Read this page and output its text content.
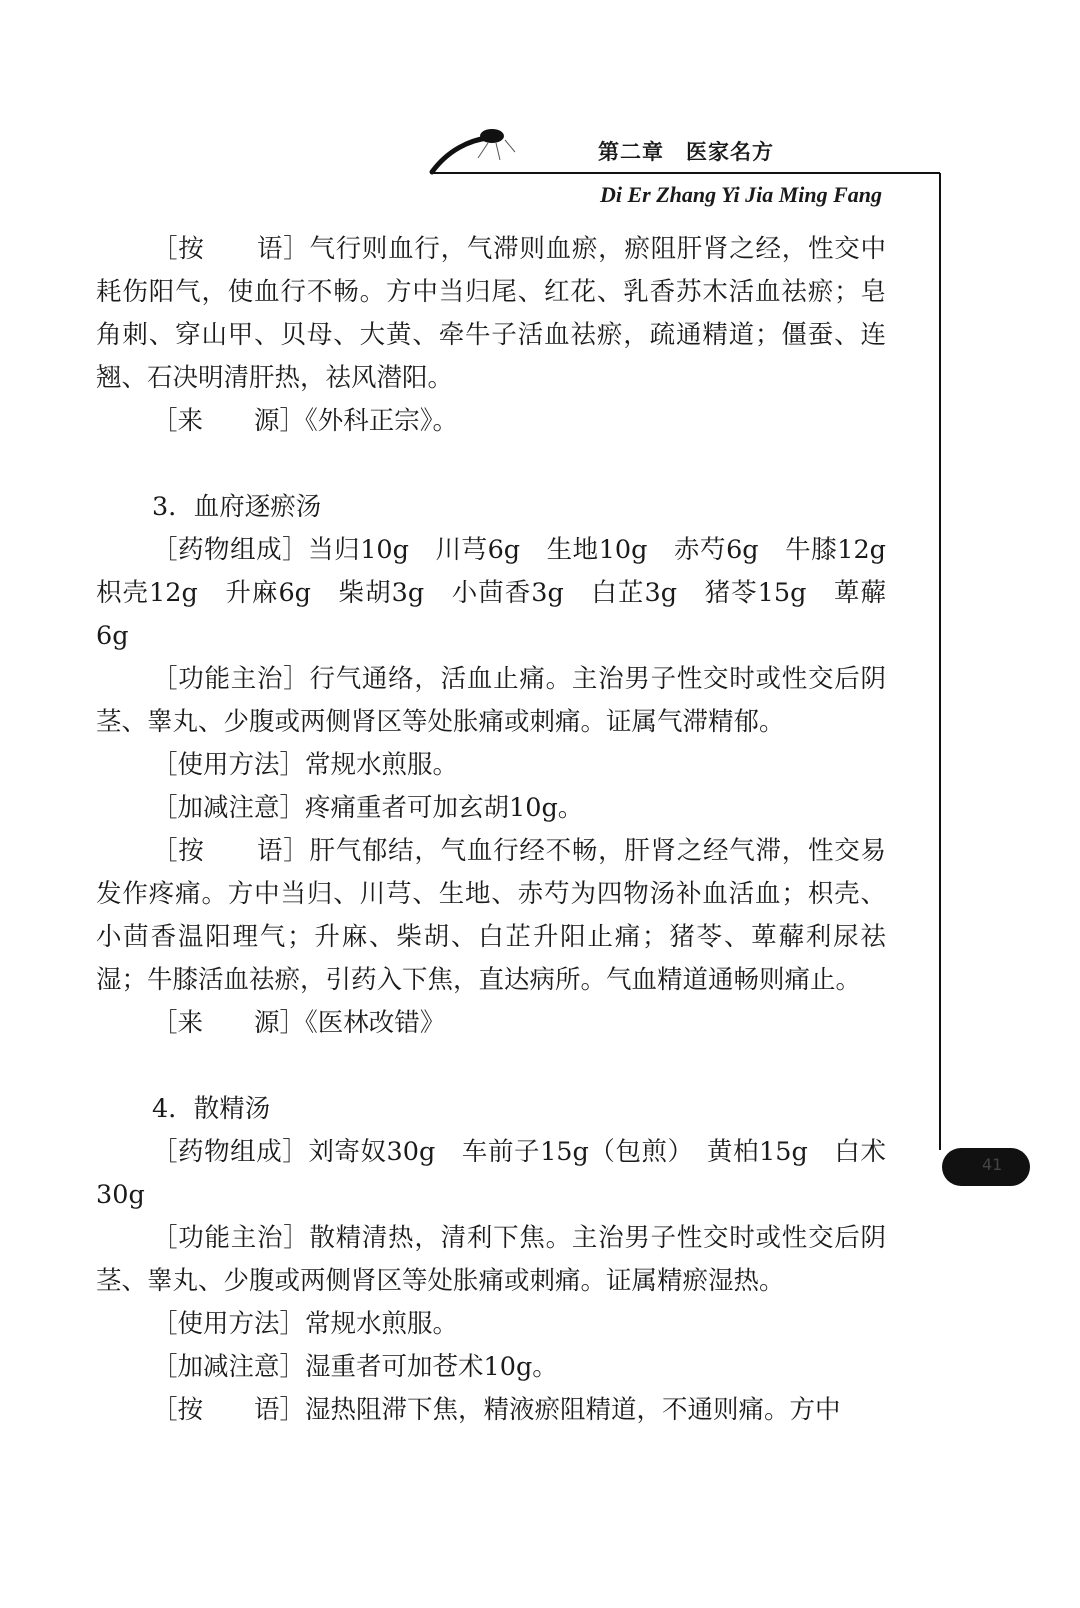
第二章 医家名方
Di Er Zhang Yi Jia Ming Fang

［按　　语］气行则血行，气滞则血瘀，瘀阻肝肾之经，性交中耗伤阳气，使血行不畅。方中当归尾、红花、乳香苏木活血祛瘀；皂角刺、穿山甲、贝母、大黄、牵牛子活血祛瘀，疏通精道；僵蚕、连翘、石决明清肝热，祛风潜阳。

［来　　源］《外科正宗》。

3．血府逐瘀汤

［药物组成］当归10g　川芎6g　生地10g　赤芍6g　牛膝12g　枳壳12g　升麻6g　柴胡3g　小茴香3g　白芷3g　猪苓15g　萆薢6g

［功能主治］行气通络，活血止痛。主治男子性交时或性交后阴茎、睾丸、少腹或两侧肾区等处胀痛或刺痛。证属气滞精郁。

［使用方法］常规水煎服。

［加减注意］疼痛重者可加玄胡10g。

［按　　语］肝气郁结，气血行经不畅，肝肾之经气滞，性交易发作疼痛。方中当归、川芎、生地、赤芍为四物汤补血活血；枳壳、小茴香温阳理气；升麻、柴胡、白芷升阳止痛；猪苓、萆薢利尿祛湿；牛膝活血祛瘀，引药入下焦，直达病所。气血精道通畅则痛止。

［来　　源］《医林改错》

4．散精汤

［药物组成］刘寄奴30g　车前子15g（包煎）　黄柏15g　白术30g

［功能主治］散精清热，清利下焦。主治男子性交时或性交后阴茎、睾丸、少腹或两侧肾区等处胀痛或刺痛。证属精瘀湿热。

［使用方法］常规水煎服。

［加减注意］湿重者可加苍术10g。

［按　　语］湿热阻滞下焦，精液瘀阻精道，不通则痛。方中

41
